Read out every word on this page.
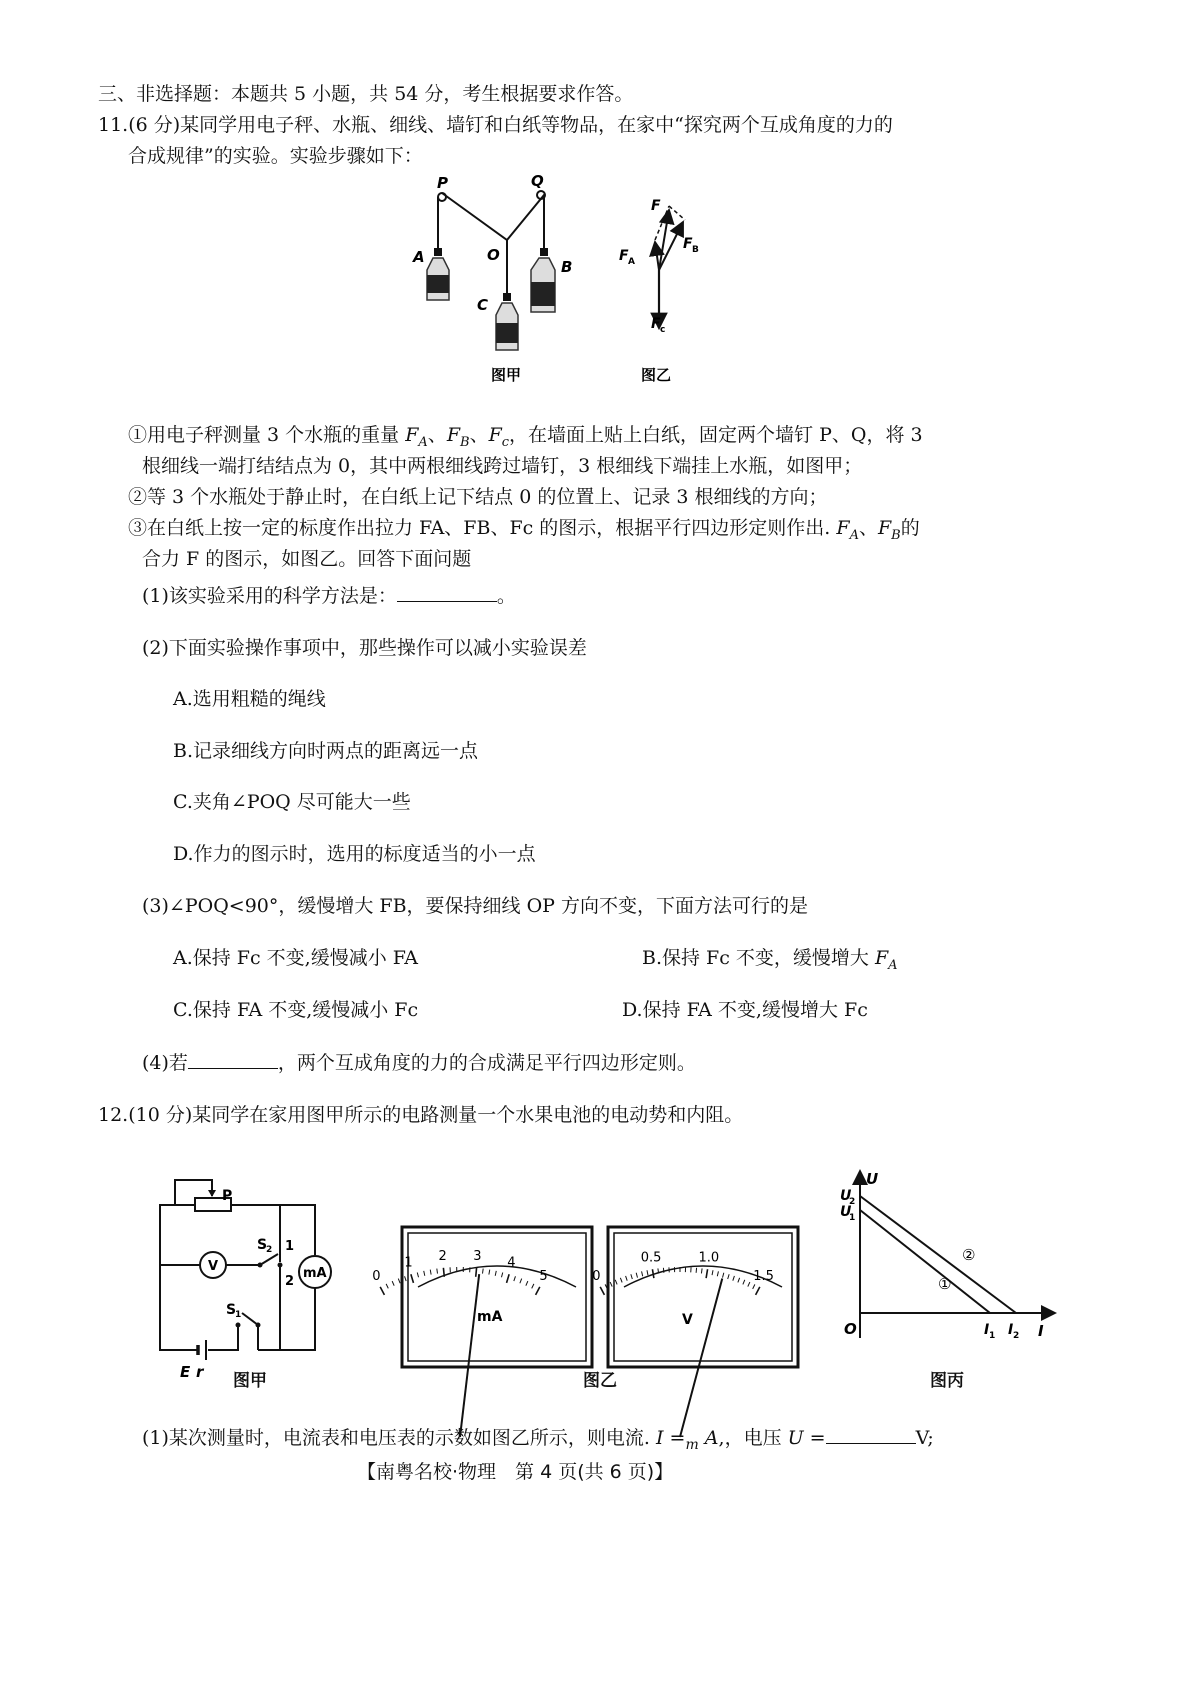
三、非选择题：本题共 5 小题，共 54 分，考生根据要求作答。
11.(6 分)某同学用电子秤、水瓶、细线、墙钉和白纸等物品，在家中“探究两个互成角度的力的
合成规律”的实验。实验步骤如下：
P	Q
O
A
B
C
图甲
F
F A
F B
F c
图乙
①用电子秤测量 3 个水瓶的重量 $F_A$、$F_B$、$F_c$，在墙面上贴上白纸，固定两个墙钉 P、Q，将 3
根细线一端打结结点为 0，其中两根细线跨过墙钉，3 根细线下端挂上水瓶，如图甲；
②等 3 个水瓶处于静止时，在白纸上记下结点 0 的位置上、记录 3 根细线的方向；
③在白纸上按一定的标度作出拉力 FA、FB、Fc 的图示，根据平行四边形定则作出. $F_A$、$F_B$的
合力 F 的图示，如图乙。回答下面问题
(1)该实验采用的科学方法是：	。
(2)下面实验操作事项中，那些操作可以减小实验误差
A.选用粗糙的绳线
B.记录细线方向时两点的距离远一点
C.夹角∠POQ 尽可能大一些
D.作力的图示时，选用的标度适当的小一点
(3)∠POQ<90°，缓慢增大 FB，要保持细线 OP 方向不变，下面方法可行的是
A.保持 Fc 不变,缓慢减小 FA	B.保持 Fc 不变，缓慢增大 $F_A$
C.保持 FA 不变,缓慢减小 Fc	D.保持 FA 不变,缓慢增大 Fc
(4)若	，两个互成角度的力的合成满足平行四边形定则。
12.(10 分)某同学在家用图甲所示的电路测量一个水果电池的电动势和内阻。
P
V
S
2 1
2
mA
S
1
E r 图甲
mA
0
1 2 3 4
5
V
0
0.5	1.0
1.5
图乙
U
I
O
U
2
U
1
I 1 I 2
①
②
图丙
(1)某次测量时，电流表和电压表的示数如图乙所示，则电流. $I =_m$ A,，电压 U =	V;
【南粤名校·物理　第 4 页(共 6 页)】
